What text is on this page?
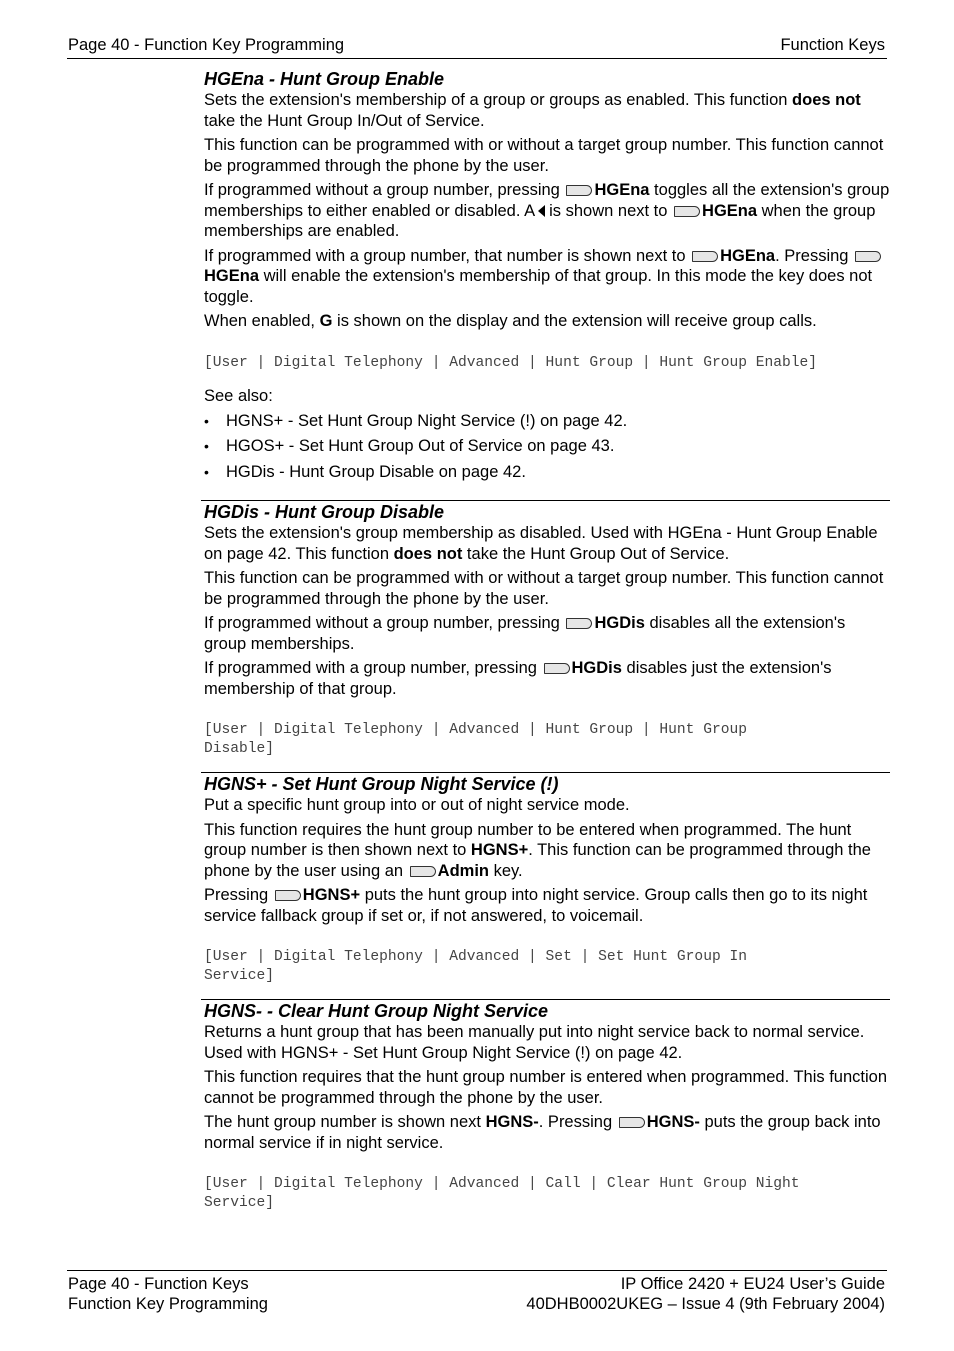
Page 40 - Function Key Programming	Function Keys
HGEna - Hunt Group Enable

Sets the extension's membership of a group or groups as enabled. This function does not take the Hunt Group In/Out of Service.

This function can be programmed with or without a target group number. This function cannot be programmed through the phone by the user.

If programmed without a group number, pressing HGEna toggles all the extension's group memberships to either enabled or disabled. A is shown next to HGEna when the group memberships are enabled.

If programmed with a group number, that number is shown next to HGEna. Pressing HGEna will enable the extension's membership of that group. In this mode the key does not toggle.

When enabled, G is shown on the display and the extension will receive group calls.

[User | Digital Telephony | Advanced | Hunt Group | Hunt Group Enable]

See also:

• HGNS+ - Set Hunt Group Night Service (!) on page 42.
• HGOS+ - Set Hunt Group Out of Service on page 43.
• HGDis - Hunt Group Disable on page 42.
HGDis - Hunt Group Disable

Sets the extension's group membership as disabled. Used with HGEna - Hunt Group Enable on page 42. This function does not take the Hunt Group Out of Service.

This function can be programmed with or without a target group number. This function cannot be programmed through the phone by the user.

If programmed without a group number, pressing HGDis disables all the extension's group memberships.

If programmed with a group number, pressing HGDis disables just the extension's membership of that group.

[User | Digital Telephony | Advanced | Hunt Group | Hunt Group
Disable]
HGNS+ - Set Hunt Group Night Service (!)

Put a specific hunt group into or out of night service mode.

This function requires the hunt group number to be entered when programmed. The hunt group number is then shown next to HGNS+. This function can be programmed through the phone by the user using an Admin key.

Pressing HGNS+ puts the hunt group into night service. Group calls then go to its night service fallback group if set or, if not answered, to voicemail.

[User | Digital Telephony | Advanced | Set | Set Hunt Group In
Service]
HGNS- - Clear Hunt Group Night Service

Returns a hunt group that has been manually put into night service back to normal service. Used with HGNS+ - Set Hunt Group Night Service (!) on page 42.

This function requires that the hunt group number is entered when programmed. This function cannot be programmed through the phone by the user.

The hunt group number is shown next HGNS-. Pressing HGNS- puts the group back into normal service if in night service.

[User | Digital Telephony | Advanced | Call | Clear Hunt Group Night
Service]
Page 40 - Function Keys
Function Key Programming
IP Office 2420 + EU24 User’s Guide
40DHB0002UKEG – Issue 4 (9th February 2004)
